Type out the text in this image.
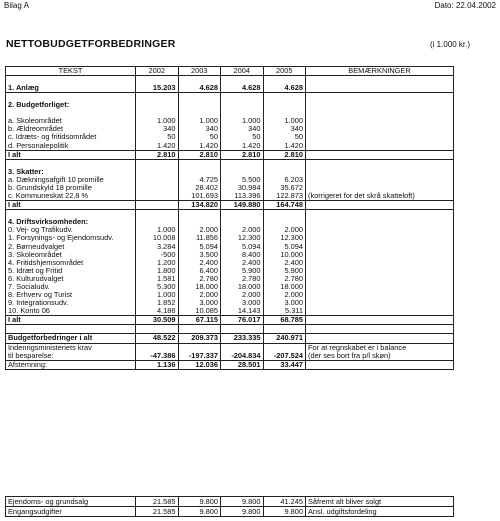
Bilag A	Dato: 22.04.2002
NETTOBUDGETFORBEDRINGER	(i 1.000 kr.)
TEKST	2002	2003	2004	2005	BEMÆRKNINGER

1. Anlæg	15.203	4.628	4.628	4.628	

2. Budgetforliget:					

a. Skoleområdet	1.000	1.000	1.000	1.000	
b. Ældreområdet	340	340	340	340	
c. Idræts- og fritidsområdet	50	50	50	50	
d. Personalepolitik	1.420	1.420	1.420	1.420	
I alt	2.810	2.810	2.810	2.810	

3. Skatter:					
a. Dækningsafgift 10 promille		4.725	5.500	6.203	
b. Grundskyld 18 promille		28.402	30.984	35.672	
c. Kommuneskat 22,8 %		101.693	113.396	122.873	(korrigeret for det skrå skatteloft)
I alt		134.820	149.880	164.748	

4. Driftsvirksomheden:					
0. Vej- og Trafikudv.	1.000	2.000	2.000	2.000	
1. Forsynings- og Ejendomsudv.	10.008	11.856	12.300	12.300	
2. Børneudvalget	3.284	5.094	5.094	5.094	
3. Skoleområdet	-500	3.500	8.400	10.000	
4. Fritidshjemsområdet	1.200	2.400	2.400	2.400	
5. Idræt og Fritid	1.800	6.400	5.900	5.900	
6. Kulturudvalget	1.581	2.780	2.780	2.780	
7. Socialudv.	5.300	18.000	18.000	18.000	
8. Erhverv og Turist	1.000	2.000	2.000	2.000	
9. Integrationsudv.	1.852	3.000	3.000	3.000	
10. Konto 06	4.186	10.085	14.143	5.311	
I alt	30.509	67.115	76.017	68.785	

Budgetforbedringer i alt	48.522	209.373	233.335	240.971	
Indenrigsministeriets krav					For at regnskabet er i balance
til besparelse:	-47.386	-197.337	-204.834	-207.524	(der ses bort fra p/l skøn)
Afstemning:	1.136	12.036	28.501	33.447	
Ejendoms- og grundsalg	21.585	9.800	9.800	41.245	Såfremt alt bliver solgt
Engangsudgifter	21.585	9.800	9.800	9.800	Ansl. udgiftsfordeling
